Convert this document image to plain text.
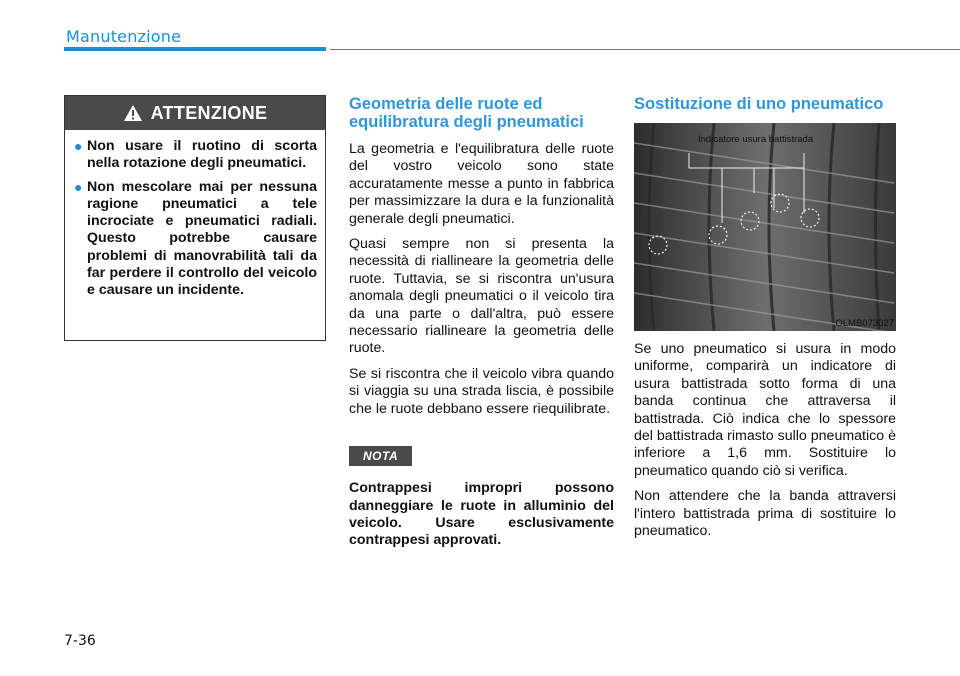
Manutenzione
ATTENZIONE
● Non usare il ruotino di scorta nella rotazione degli pneumatici.
● Non mescolare mai per nessuna ragione pneumatici a tele incrociate e pneumatici radiali. Questo potrebbe causare problemi di manovrabilità tali da far perdere il controllo del veicolo e causare un incidente.
Geometria delle ruote ed equilibratura degli pneumatici

La geometria e l'equilibratura delle ruote del vostro veicolo sono state accuratamente messe a punto in fabbrica per massimizzare la dura e la funzionalità generale degli pneumatici.

Quasi sempre non si presenta la necessità di riallineare la geometria delle ruote. Tuttavia, se si riscontra un'usura anomala degli pneumatici o il veicolo tira da una parte o dall'altra, può essere necessario riallineare la geometria delle ruote.

Se si riscontra che il veicolo vibra quando si viaggia su una strada liscia, è possibile che le ruote debbano essere riequilibrate.

NOTA

Contrappesi impropri possono danneggiare le ruote in alluminio del veicolo. Usare esclusivamente contrappesi approvati.

Sostituzione di uno pneumatico
Indicatore usura battistrada
OLMB073027

Se uno pneumatico si usura in modo uniforme, comparirà un indicatore di usura battistrada sotto forma di una banda continua che attraversa il battistrada. Ciò indica che lo spessore del battistrada rimasto sullo pneumatico è inferiore a 1,6 mm. Sostituire lo pneumatico quando ciò si verifica.

Non attendere che la banda attraversi l'intero battistrada prima di sostituire lo pneumatico.

7-36
